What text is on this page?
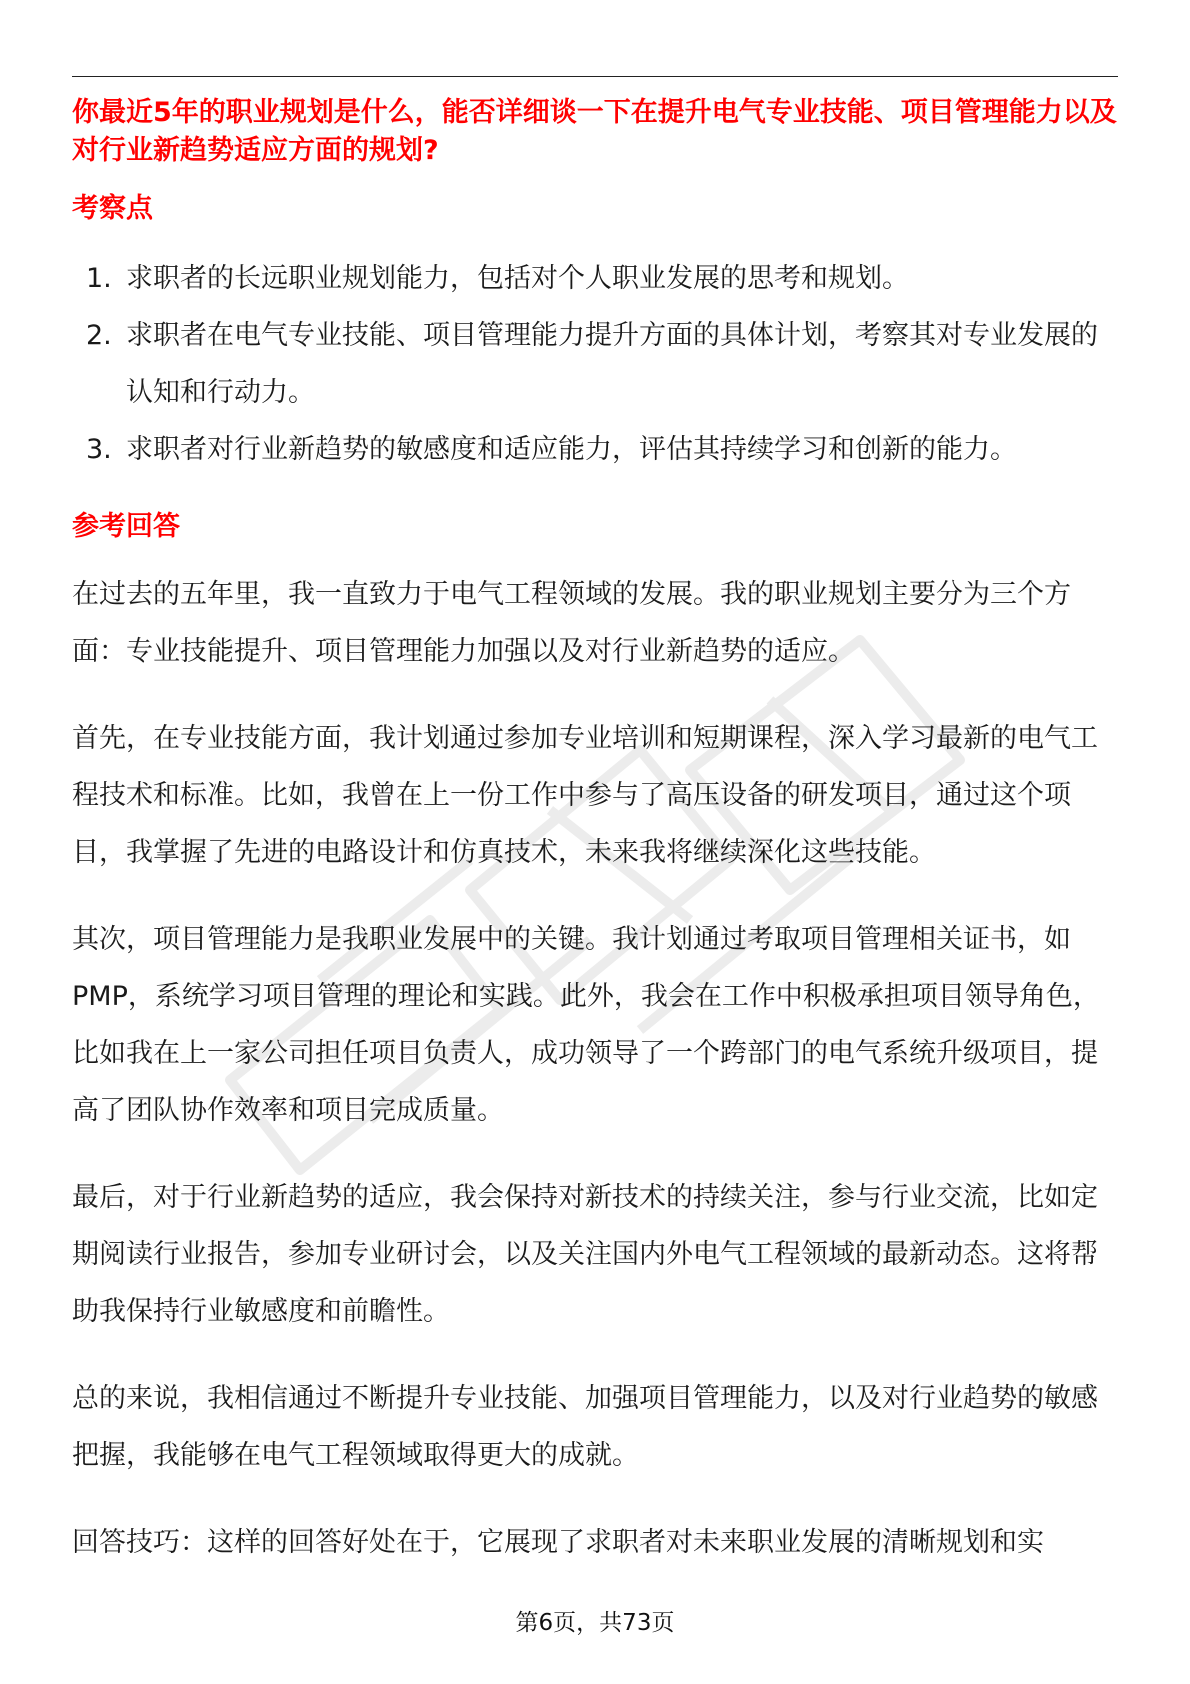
你最近5年的职业规划是什么，能否详细谈一下在提升电气专业技能、项目管理能力以及对行业新趋势适应方面的规划?

考察点

1. 求职者的长远职业规划能力，包括对个人职业发展的思考和规划。
2. 求职者在电气专业技能、项目管理能力提升方面的具体计划，考察其对专业发展的认知和行动力。
3. 求职者对行业新趋势的敏感度和适应能力，评估其持续学习和创新的能力。

参考回答

在过去的五年里，我一直致力于电气工程领域的发展。我的职业规划主要分为三个方面：专业技能提升、项目管理能力加强以及对行业新趋势的适应。

首先，在专业技能方面，我计划通过参加专业培训和短期课程，深入学习最新的电气工程技术和标准。比如，我曾在上一份工作中参与了高压设备的研发项目，通过这个项目，我掌握了先进的电路设计和仿真技术，未来我将继续深化这些技能。

其次，项目管理能力是我职业发展中的关键。我计划通过考取项目管理相关证书，如PMP，系统学习项目管理的理论和实践。此外，我会在工作中积极承担项目领导角色，比如我在上一家公司担任项目负责人，成功领导了一个跨部门的电气系统升级项目，提高了团队协作效率和项目完成质量。

最后，对于行业新趋势的适应，我会保持对新技术的持续关注，参与行业交流，比如定期阅读行业报告，参加专业研讨会，以及关注国内外电气工程领域的最新动态。这将帮助我保持行业敏感度和前瞻性。

总的来说，我相信通过不断提升专业技能、加强项目管理能力，以及对行业趋势的敏感把握，我能够在电气工程领域取得更大的成就。

回答技巧：这样的回答好处在于，它展现了求职者对未来职业发展的清晰规划和实

第6页，共73页
